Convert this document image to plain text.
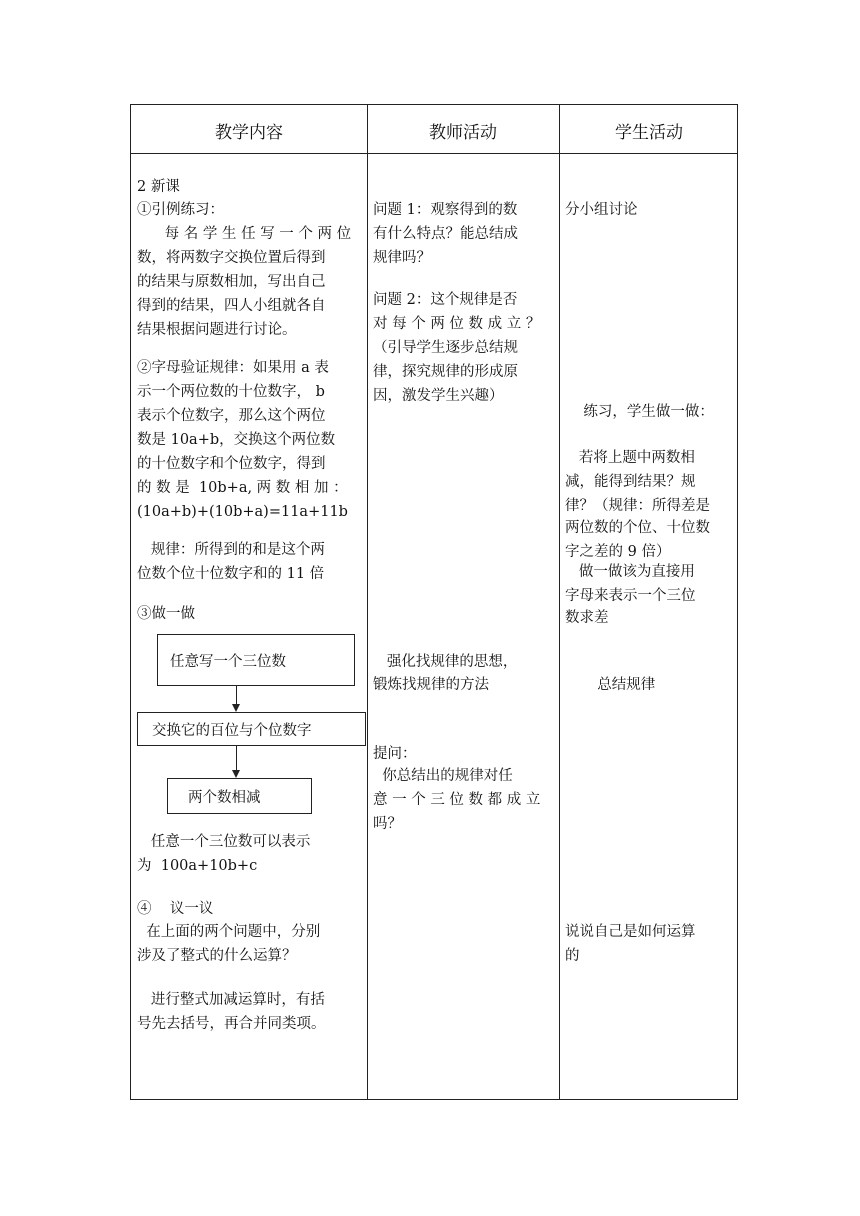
教学内容	教师活动	学生活动
2 新课
①引例练习：
每 名 学 生 任 写 一 个 两 位
数，将两数字交换位置后得到
的结果与原数相加，写出自己
得到的结果，四人小组就各自
结果根据问题进行讨论。
②字母验证规律：如果用 a 表
示一个两位数的十位数字， b
表示个位数字，那么这个两位
数是 10a+b，交换这个两位数
的十位数字和个位数字，得到
的 数 是  10b+a, 两 数 相 加 ：
(10a+b)+(10b+a)=11a+11b
规律：所得到的和是这个两
位数个位十位数字和的 11 倍
③做一做
任意写一个三位数
交换它的百位与个位数字
两个数相减
任意一个三位数可以表示
为  100a+10b+c
④    议一议
在上面的两个问题中，分别
涉及了整式的什么运算？
进行整式加减运算时，有括
号先去括号，再合并同类项。
问题 1：观察得到的数
有什么特点？能总结成
规律吗？
问题 2：这个规律是否
对 每 个 两 位 数 成 立 ？
（引导学生逐步总结规
律，探究规律的形成原
因，激发学生兴趣）
强化找规律的思想，
锻炼找规律的方法
提问：
你总结出的规律对任
意 一 个 三 位 数 都 成 立
吗？
分小组讨论
练习，学生做一做：
若将上题中两数相
减，能得到结果？规
律？（规律：所得差是
两位数的个位、十位数
字之差的 9 倍）
做一做该为直接用
字母来表示一个三位
数求差
总结规律
说说自己是如何运算
的
